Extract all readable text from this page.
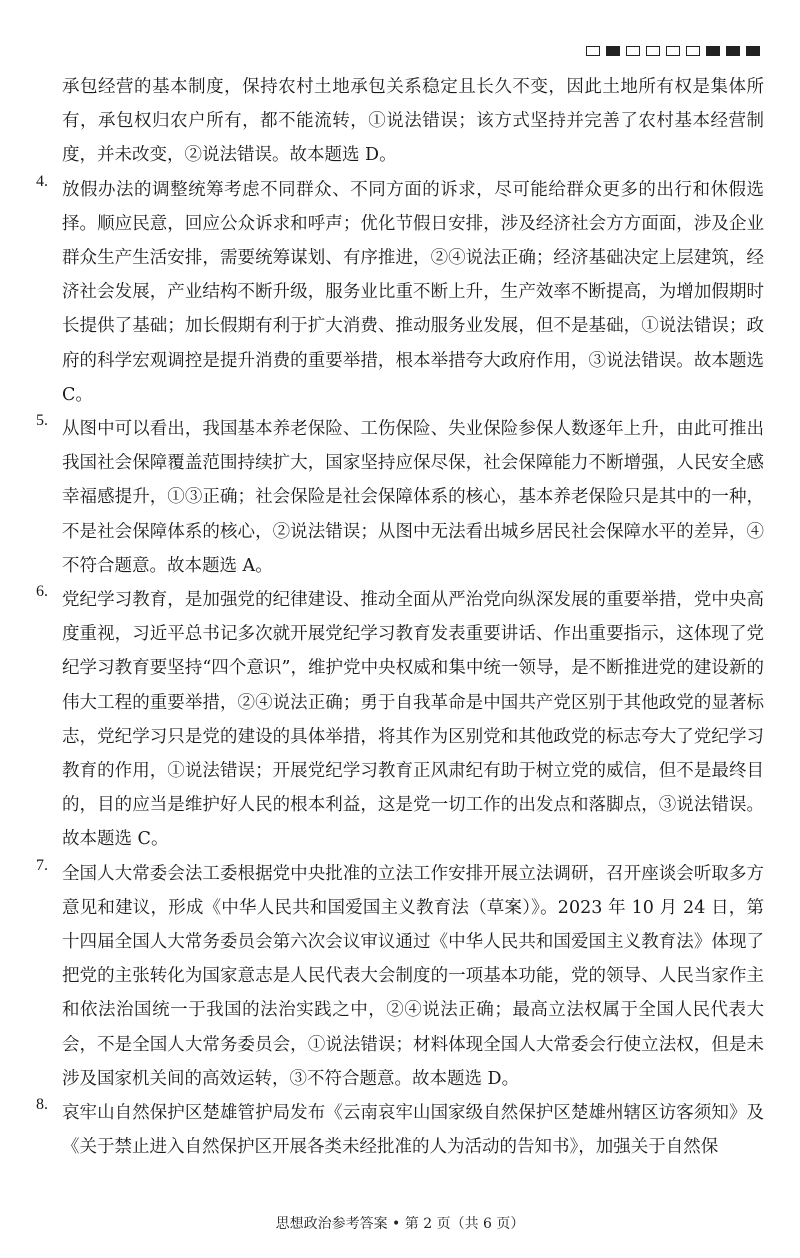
承包经营的基本制度，保持农村土地承包关系稳定且长久不变，因此土地所有权是集体所有，承包权归农户所有，都不能流转，①说法错误；该方式坚持并完善了农村基本经营制度，并未改变，②说法错误。故本题选 D。

4. 放假办法的调整统筹考虑不同群众、不同方面的诉求，尽可能给群众更多的出行和休假选择。顺应民意，回应公众诉求和呼声；优化节假日安排，涉及经济社会方方面面，涉及企业群众生产生活安排，需要统筹谋划、有序推进，②④说法正确；经济基础决定上层建筑，经济社会发展，产业结构不断升级，服务业比重不断上升，生产效率不断提高，为增加假期时长提供了基础；加长假期有利于扩大消费、推动服务业发展，但不是基础，①说法错误；政府的科学宏观调控是提升消费的重要举措，根本举措夸大政府作用，③说法错误。故本题选 C。

5. 从图中可以看出，我国基本养老保险、工伤保险、失业保险参保人数逐年上升，由此可推出我国社会保障覆盖范围持续扩大，国家坚持应保尽保，社会保障能力不断增强，人民安全感幸福感提升，①③正确；社会保险是社会保障体系的核心，基本养老保险只是其中的一种，不是社会保障体系的核心，②说法错误；从图中无法看出城乡居民社会保障水平的差异，④不符合题意。故本题选 A。

6. 党纪学习教育，是加强党的纪律建设、推动全面从严治党向纵深发展的重要举措，党中央高度重视，习近平总书记多次就开展党纪学习教育发表重要讲话、作出重要指示，这体现了党纪学习教育要坚持“四个意识”，维护党中央权威和集中统一领导，是不断推进党的建设新的伟大工程的重要举措，②④说法正确；勇于自我革命是中国共产党区别于其他政党的显著标志，党纪学习只是党的建设的具体举措，将其作为区别党和其他政党的标志夸大了党纪学习教育的作用，①说法错误；开展党纪学习教育正风肃纪有助于树立党的威信，但不是最终目的，目的应当是维护好人民的根本利益，这是党一切工作的出发点和落脚点，③说法错误。故本题选 C。

7. 全国人大常委会法工委根据党中央批准的立法工作安排开展立法调研，召开座谈会听取多方意见和建议，形成《中华人民共和国爱国主义教育法（草案）》。2023 年 10 月 24 日，第十四届全国人大常务委员会第六次会议审议通过《中华人民共和国爱国主义教育法》体现了把党的主张转化为国家意志是人民代表大会制度的一项基本功能，党的领导、人民当家作主和依法治国统一于我国的法治实践之中，②④说法正确；最高立法权属于全国人民代表大会，不是全国人大常务委员会，①说法错误；材料体现全国人大常委会行使立法权，但是未涉及国家机关间的高效运转，③不符合题意。故本题选 D。

8. 哀牢山自然保护区楚雄管护局发布《云南哀牢山国家级自然保护区楚雄州辖区访客须知》及《关于禁止进入自然保护区开展各类未经批准的人为活动的告知书》，加强关于自然保

思想政治参考答案 • 第 2 页（共 6 页）
